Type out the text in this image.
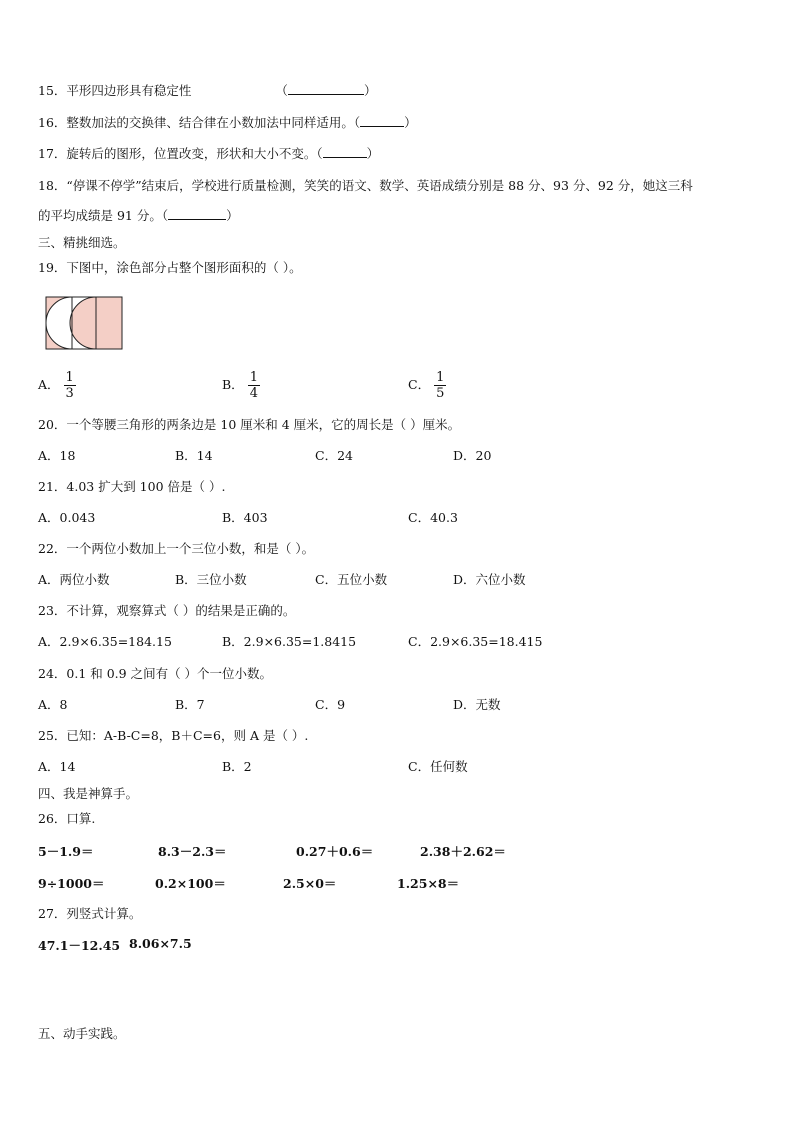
15．平形四边形具有稳定性	（	）
16．整数加法的交换律、结合律在小数加法中同样适用。（	）
17．旋转后的图形，位置改变，形状和大小不变。（	）
18．“停课不停学”结束后，学校进行质量检测，笑笑的语文、数学、英语成绩分别是 88 分、93 分、92 分，她这三科
的平均成绩是 91 分。（	）
三、精挑细选。
19．下图中，涂色部分占整个图形面积的（ ）。
A． $\frac{1}{3}$	B． $\frac{1}{4}$	C． $\frac{1}{5}$
20．一个等腰三角形的两条边是 10 厘米和 4 厘米，它的周长是（ ）厘米。
A．18	B．14	C．24	D．20
21．4.03 扩大到 100 倍是（ ）.
A．0.043	B．403	C．40.3
22．一个两位小数加上一个三位小数，和是（ ）。
A．两位小数	B．三位小数	C．五位小数	D．六位小数
23．不计算，观察算式（ ）的结果是正确的。
A．2.9×6.35=184.15	B．2.9×6.35=1.8415	C．2.9×6.35=18.415
24．0.1 和 0.9 之间有（ ）个一位小数。
A．8	B．7	C．9	D．无数
25．已知：A-B-C=8，B＋C=6，则 A 是（ ）.
A．14	B．2	C．任何数
四、我是神算手。
26．口算.
5－1.9＝	8.3－2.3＝	0.27＋0.6＝	2.38＋2.62＝
9÷1000＝	0.2×100＝	2.5×0＝	1.25×8＝
27．列竖式计算。
47.1－12.45 8.06×7.5
五、动手实践。
